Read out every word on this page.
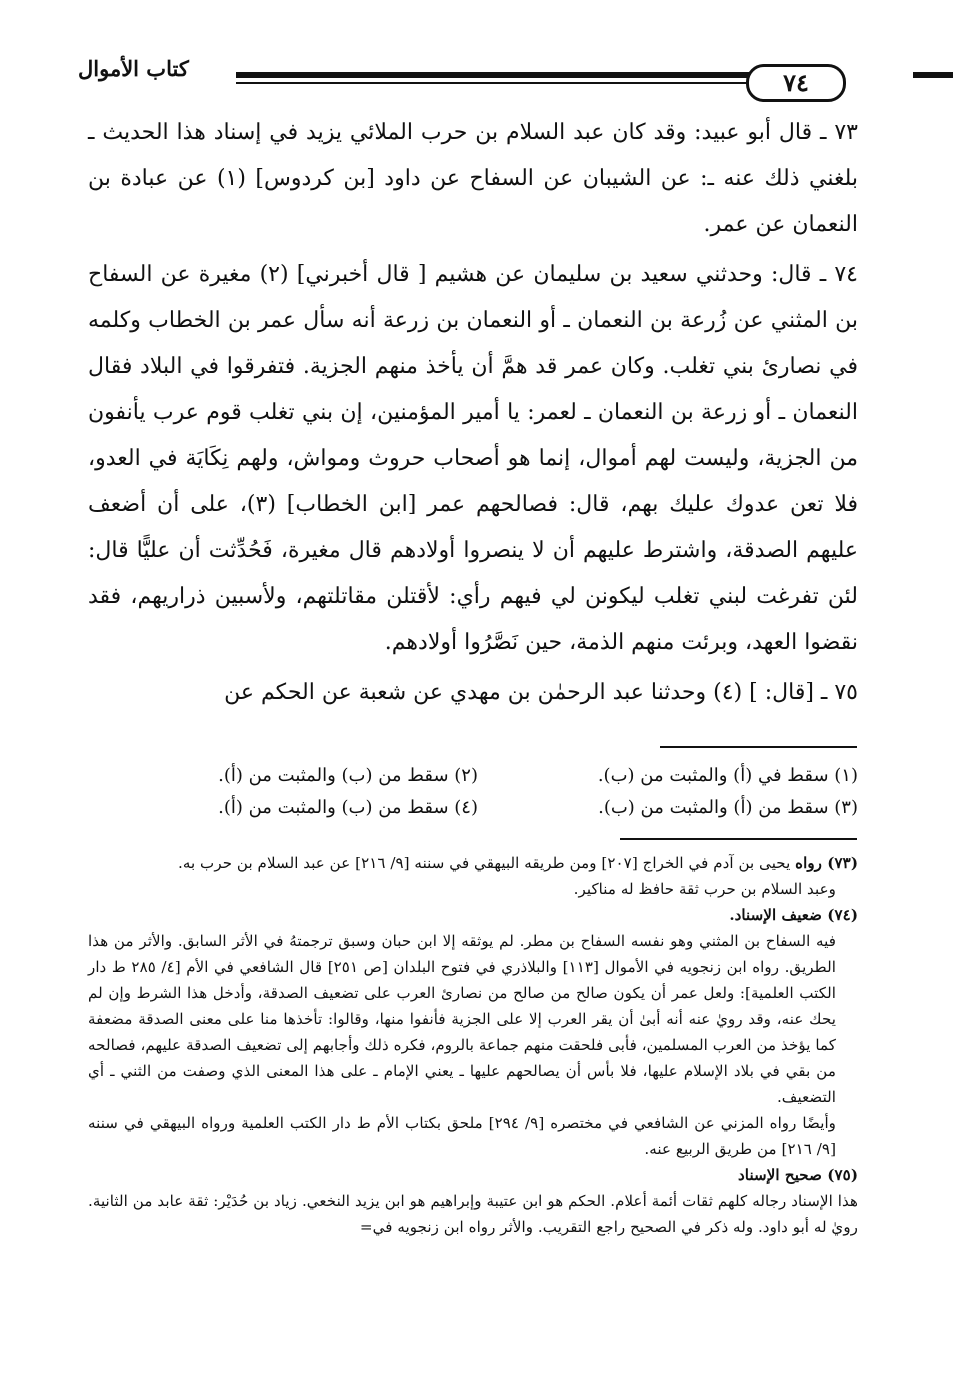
كتاب الأموال	٧٤

٧٣ ـ قال أبو عبيد: وقد كان عبد السلام بن حرب الملائي يزيد في إسناد هذا الحديث ـ بلغني ذلك عنه ـ: عن الشيبان عن السفاح عن داود [بن كردوس] (١) عن عبادة بن النعمان عن عمر.

٧٤ ـ قال: وحدثني سعيد بن سليمان عن هشيم [ قال أخبرني] (٢) مغيرة عن السفاح بن المثني عن زُرعة بن النعمان ـ أو النعمان بن زرعة أنه سأل عمر بن الخطاب وكلمه في نصارئ بني تغلب. وكان عمر قد همَّ أن يأخذ منهم الجزية. فتفرقوا في البلاد فقال النعمان ـ أو زرعة بن النعمان ـ لعمر: يا أمير المؤمنين، إن بني تغلب قوم عرب يأنفون من الجزية، وليست لهم أموال، إنما هو أصحاب حروث ومواش، ولهم نِكَايَة في العدو، فلا تعن عدوك عليك بهم، قال: فصالحهم عمر [ابن الخطاب] (٣)، على أن أضعف عليهم الصدقة، واشترط عليهم أن لا ينصروا أولادهم قال مغيرة، فَحُدِّثت أن عليًّا قال: لئن تفرغت لبني تغلب ليكونن لي فيهم رأي: لأقتلن مقاتلتهم، ولأسبين ذراريهم، فقد نقضوا العهد، وبرئت منهم الذمة، حين نَصَّرُوا أولادهم.

٧٥ ـ [قال: ] (٤) وحدثنا عبد الرحمٰن بن مهدي عن شعبة عن الحكم عن

(١) سقط في (أ) والمثبت من (ب).
(٢) سقط من (ب) والمثبت من (أ).
(٣) سقط من (أ) والمثبت من (ب).
(٤) سقط من (ب) والمثبت من (أ).

(٧٣) رواه يحيى بن آدم في الخراج [٢٠٧] ومن طريقه البيهقي في سننه [٩/ ٢١٦] عن عبد السلام بن حرب به.

وعبد السلام بن حرب ثقة حافظ له مناكير.

(٧٤) ضعيف الإسناد.

فيه السفاح بن المثني وهو نفسه السفاح بن مطر. لم يوثقه إلا ابن حبان وسبق ترجمتهُ في الأثر السابق. والأثر من هذا الطريق. رواه ابن زنجويه في الأموال [١١٣] والبلاذري في فتوح البلدان [ص ٢٥١] قال الشافعي في الأم [٤/ ٢٨٥ ط دار الكتب العلمية]: ولعل عمر أن يكون صالح من صالح من نصارئ العرب على تضعيف الصدقة، وأدخل هذا الشرط وإن لم يحك عنه، وقد رويٰ عنه أنه أبىٰ أن يقر العرب إلا على الجزية فأنفوا منها، وقالوا: تأخذها منا على معنى الصدقة مضعفة كما يؤخذ من العرب المسلمين، فأبى فلحقت منهم جماعة بالروم، فكره ذلك وأجابهم إلى تضعيف الصدقة عليهم، فصالحه من بقي في بلاد الإسلام عليها، فلا بأس أن يصالحهم عليها ـ يعني الإمام ـ على هذا المعنى الذي وصفت من الثني ـ أي التضعيف.

وأيضًا رواه المزني عن الشافعي في مختصره [٩/ ٢٩٤] ملحق بكتاب الأم ط دار الكتب العلمية ورواه البيهقي في سننه [٩/ ٢١٦] من طريق الربيع عنه.

(٧٥) صحيح الإسناد

هذا الإسناد رجاله كلهم ثقات أئمة أعلام. الحكم هو ابن عتيبة وإبراهيم هو ابن يزيد النخعي. زياد بن حُدَيْر: ثقة عابد من الثانية. رويٰ له أبو داود. وله ذكر في الصحيح راجع التقريب. والأثر رواه ابن زنجويه في=
